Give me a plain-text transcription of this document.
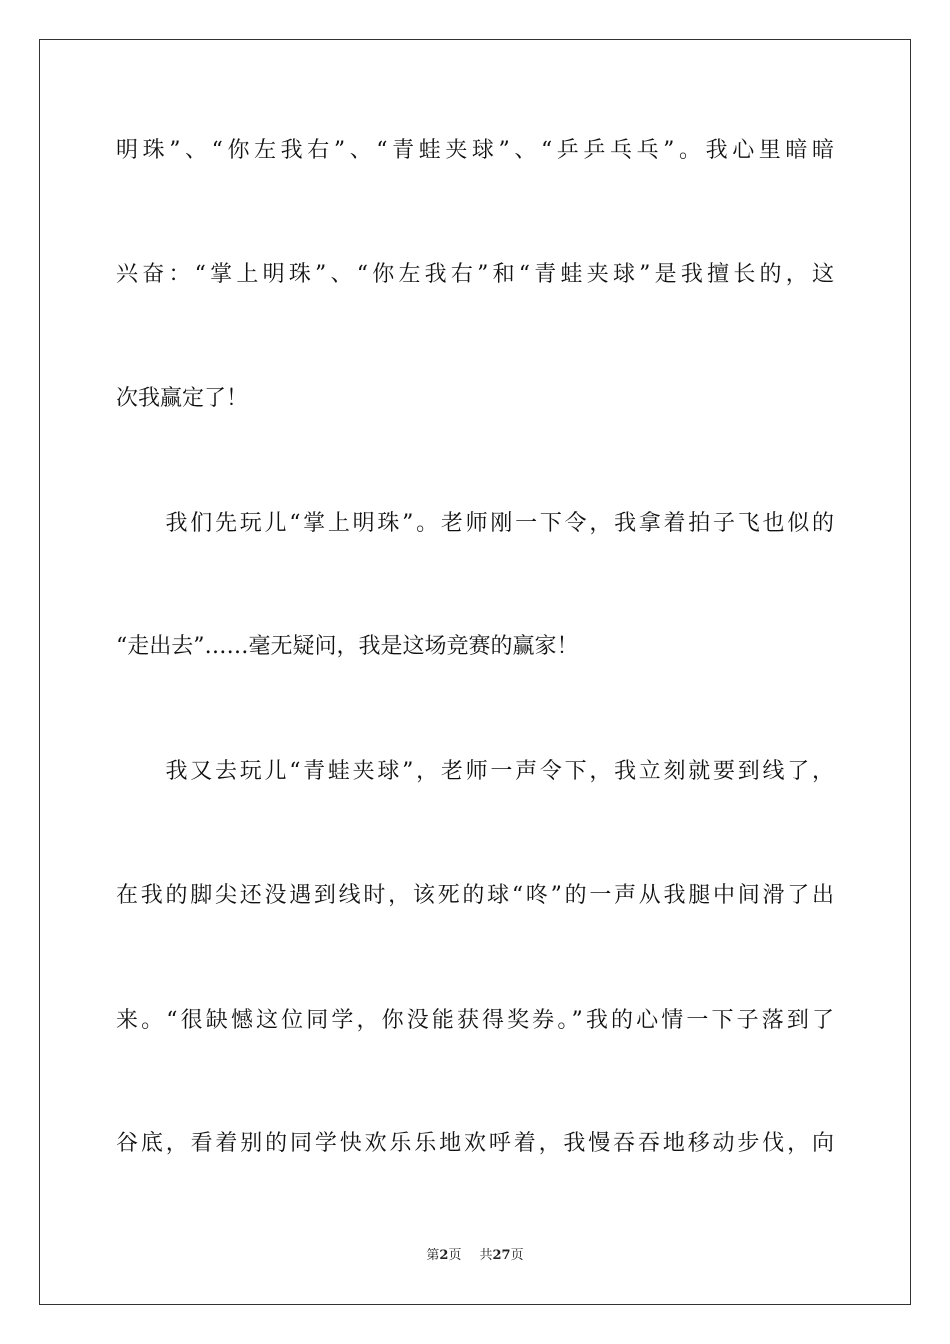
明珠”、“你左我右”、“青蛙夹球”、“乒乒乓乓”。我心里暗暗
兴奋：“掌上明珠”、“你左我右”和“青蛙夹球”是我擅长的，这
次我赢定了！
　　我们先玩儿“掌上明珠”。老师刚一下令，我拿着拍子飞也似的
“走出去”……毫无疑问，我是这场竞赛的赢家！
　　我又去玩儿“青蛙夹球”，老师一声令下，我立刻就要到线了，
在我的脚尖还没遇到线时，该死的球“咚”的一声从我腿中间滑了出
来。“很缺憾这位同学，你没能获得奖券。”我的心情一下子落到了
谷底，看着别的同学快欢乐乐地欢呼着，我慢吞吞地移动步伐，向
第2页 共27页
